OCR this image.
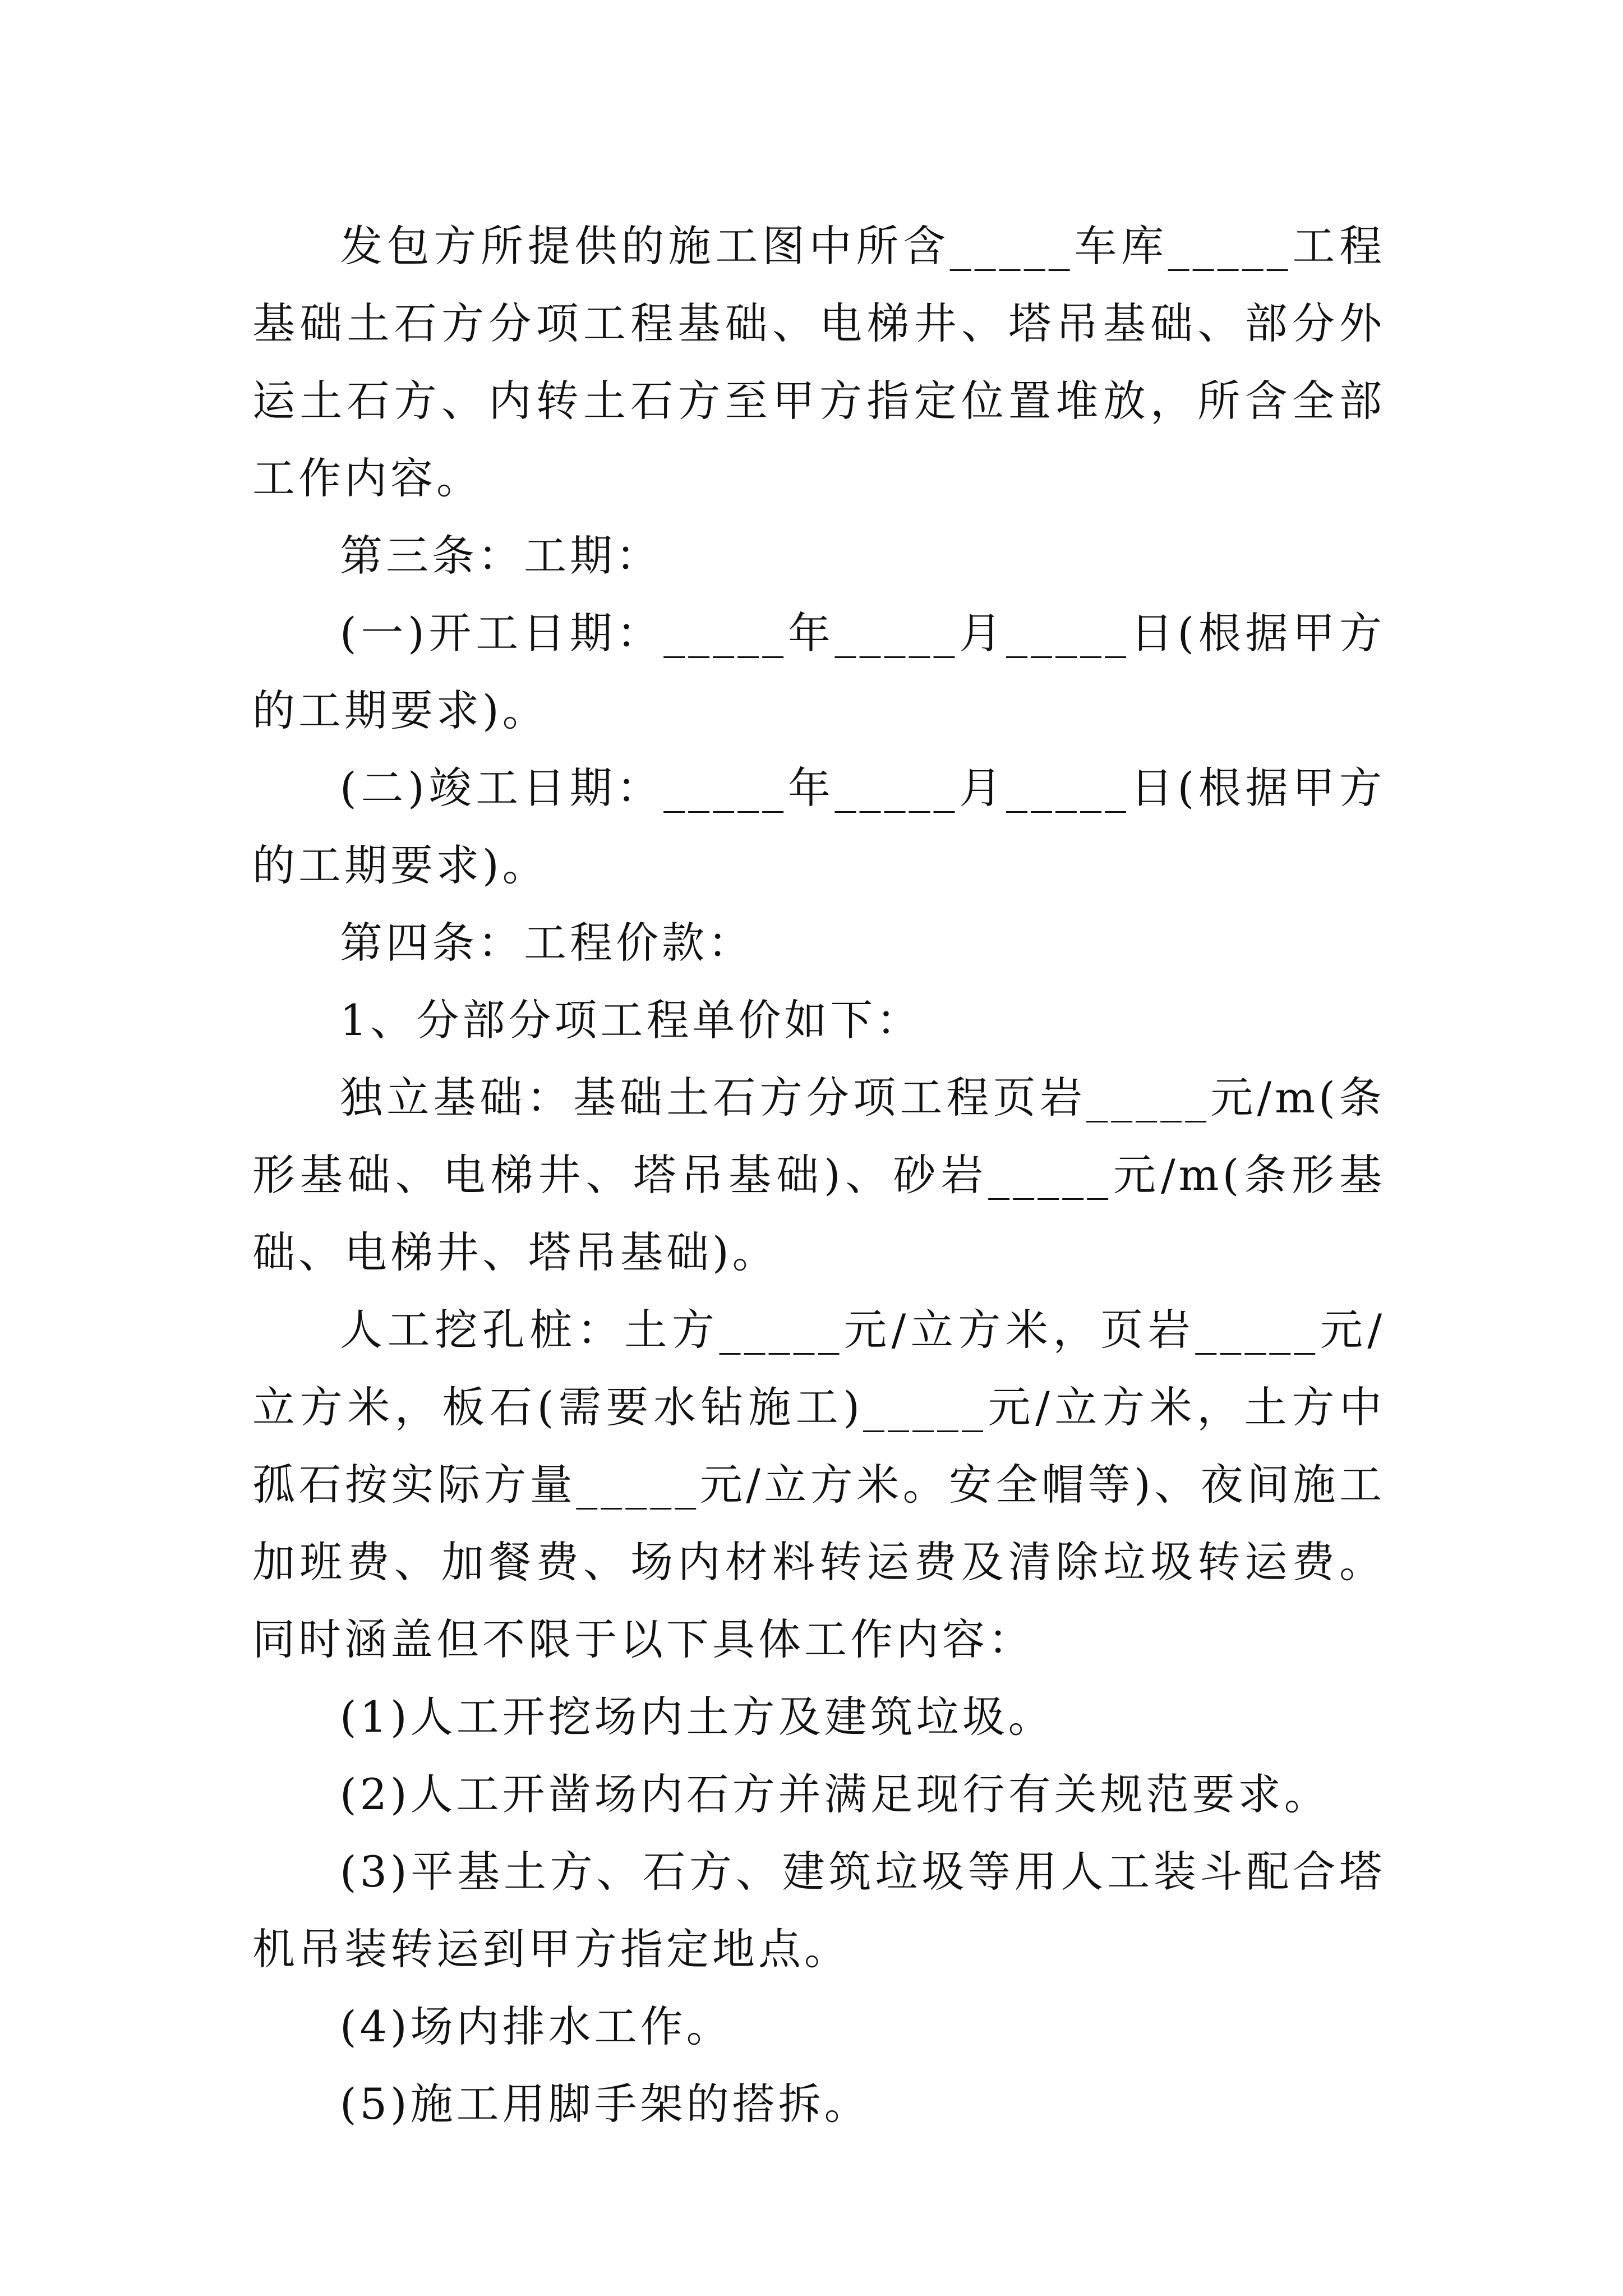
发包方所提供的施工图中所含_____车库_____工程基础土石方分项工程基础、电梯井、塔吊基础、部分外运土石方、内转土石方至甲方指定位置堆放，所含全部工作内容。

第三条：工期：

(一)开工日期：_____年_____月_____日(根据甲方的工期要求)。

(二)竣工日期：_____年_____月_____日(根据甲方的工期要求)。

第四条：工程价款：

1、分部分项工程单价如下：

独立基础：基础土石方分项工程页岩_____元/m(条形基础、电梯井、塔吊基础)、砂岩_____元/m(条形基础、电梯井、塔吊基础)。

人工挖孔桩：土方_____元/立方米，页岩_____元/立方米，板石(需要水钻施工)_____元/立方米，土方中孤石按实际方量_____元/立方米。安全帽等)、夜间施工加班费、加餐费、场内材料转运费及清除垃圾转运费。同时涵盖但不限于以下具体工作内容：

(1)人工开挖场内土方及建筑垃圾。

(2)人工开凿场内石方并满足现行有关规范要求。

(3)平基土方、石方、建筑垃圾等用人工装斗配合塔机吊装转运到甲方指定地点。

(4)场内排水工作。

(5)施工用脚手架的搭拆。
